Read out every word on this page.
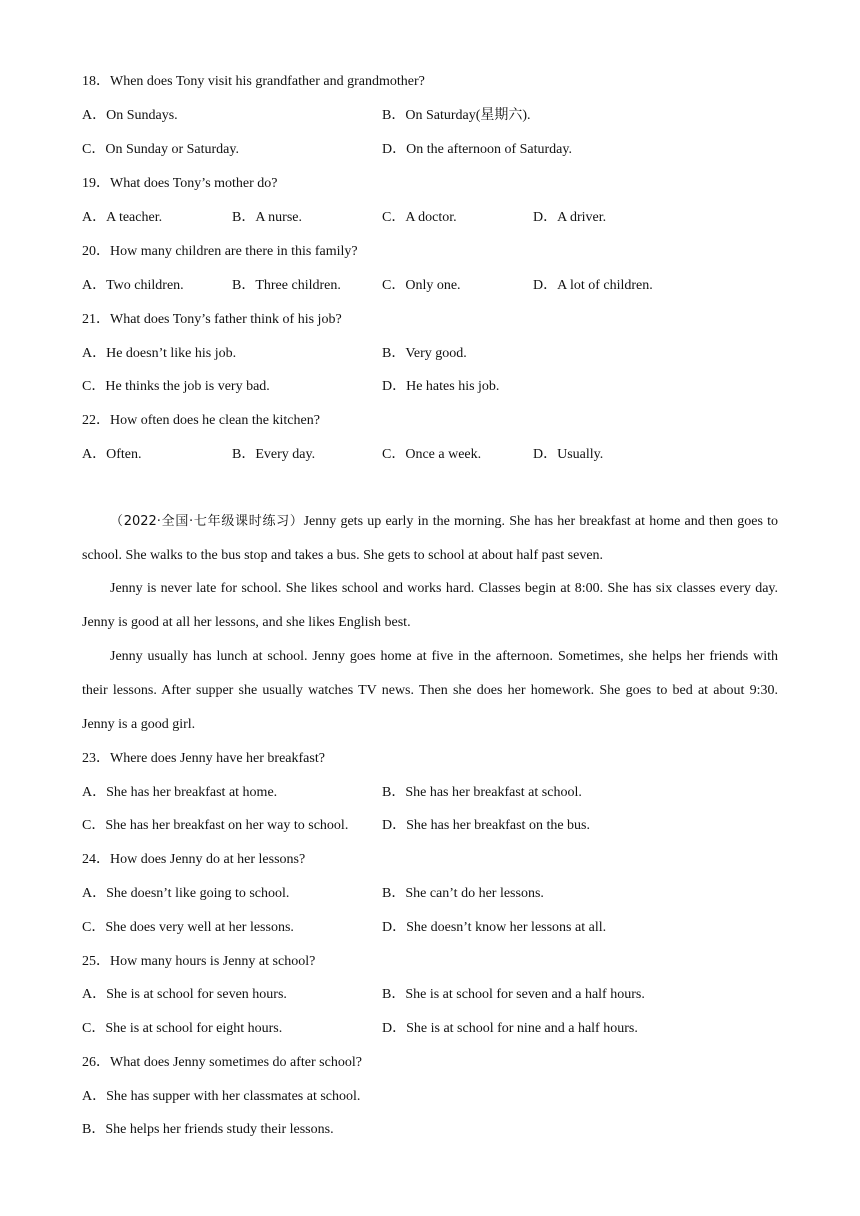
18．When does Tony visit his grandfather and grandmother?
A．On Sundays.	B．On Saturday(星期六).
C．On Sunday or Saturday.	D．On the afternoon of Saturday.
19．What does Tony’s mother do?
A．A teacher.	B．A nurse.	C．A doctor.	D．A driver.
20．How many children are there in this family?
A．Two children.	B．Three children.	C．Only one.	D．A lot of children.
21．What does Tony’s father think of his job?
A．He doesn’t like his job.	B．Very good.
C．He thinks the job is very bad.	D．He hates his job.
22．How often does he clean the kitchen?
A．Often.	B．Every day.	C．Once a week.	D．Usually.
（2022·全国·七年级课时练习）Jenny gets up early in the morning. She has her breakfast at home and then goes to school. She walks to the bus stop and takes a bus. She gets to school at about half past seven.
Jenny is never late for school. She likes school and works hard. Classes begin at 8:00. She has six classes every day. Jenny is good at all her lessons, and she likes English best.
Jenny usually has lunch at school. Jenny goes home at five in the afternoon. Sometimes, she helps her friends with their lessons. After supper she usually watches TV news. Then she does her homework. She goes to bed at about 9:30. Jenny is a good girl.
23．Where does Jenny have her breakfast?
A．She has her breakfast at home.	B．She has her breakfast at school.
C．She has her breakfast on her way to school. D．She has her breakfast on the bus.
24．How does Jenny do at her lessons?
A．She doesn’t like going to school.	B．She can’t do her lessons.
C．She does very well at her lessons.	D．She doesn’t know her lessons at all.
25．How many hours is Jenny at school?
A．She is at school for seven hours.	B．She is at school for seven and a half hours.
C．She is at school for eight hours.	D．She is at school for nine and a half hours.
26．What does Jenny sometimes do after school?
A．She has supper with her classmates at school.
B．She helps her friends study their lessons.
